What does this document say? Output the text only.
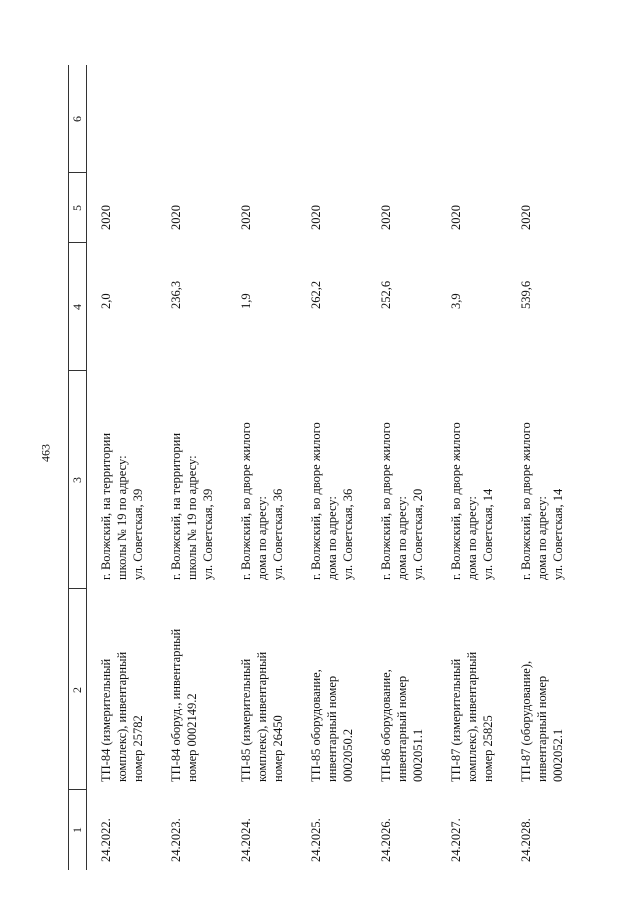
463
1
2
3
4
5
6
24.2022.
ТП-84 (измерительный комплекс), инвентарный номер 25782
г. Волжский, на территории школы № 19 по адресу: ул. Советская, 39
2,0
2020
24.2023.
ТП-84 оборуд., инвентарный номер 0002149.2
г. Волжский, на территории школы № 19 по адресу: ул. Советская, 39
236,3
2020
24.2024.
ТП-85 (измерительный комплекс), инвентарный номер 26450
г. Волжский, во дворе жилого дома по адресу: ул. Советская, 36
1,9
2020
24.2025.
ТП-85 оборудование, инвентарный номер 0002050.2
г. Волжский, во дворе жилого дома по адресу: ул. Советская, 36
262,2
2020
24.2026.
ТП-86 оборудование, инвентарный номер 0002051.1
г. Волжский, во дворе жилого дома по адресу: ул. Советская, 20
252,6
2020
24.2027.
ТП-87 (измерительный комплекс), инвентарный номер 25825
г. Волжский, во дворе жилого дома по адресу: ул. Советская, 14
3,9
2020
24.2028.
ТП-87 (оборудование), инвентарный номер 0002052.1
г. Волжский, во дворе жилого дома по адресу: ул. Советская, 14
539,6
2020
